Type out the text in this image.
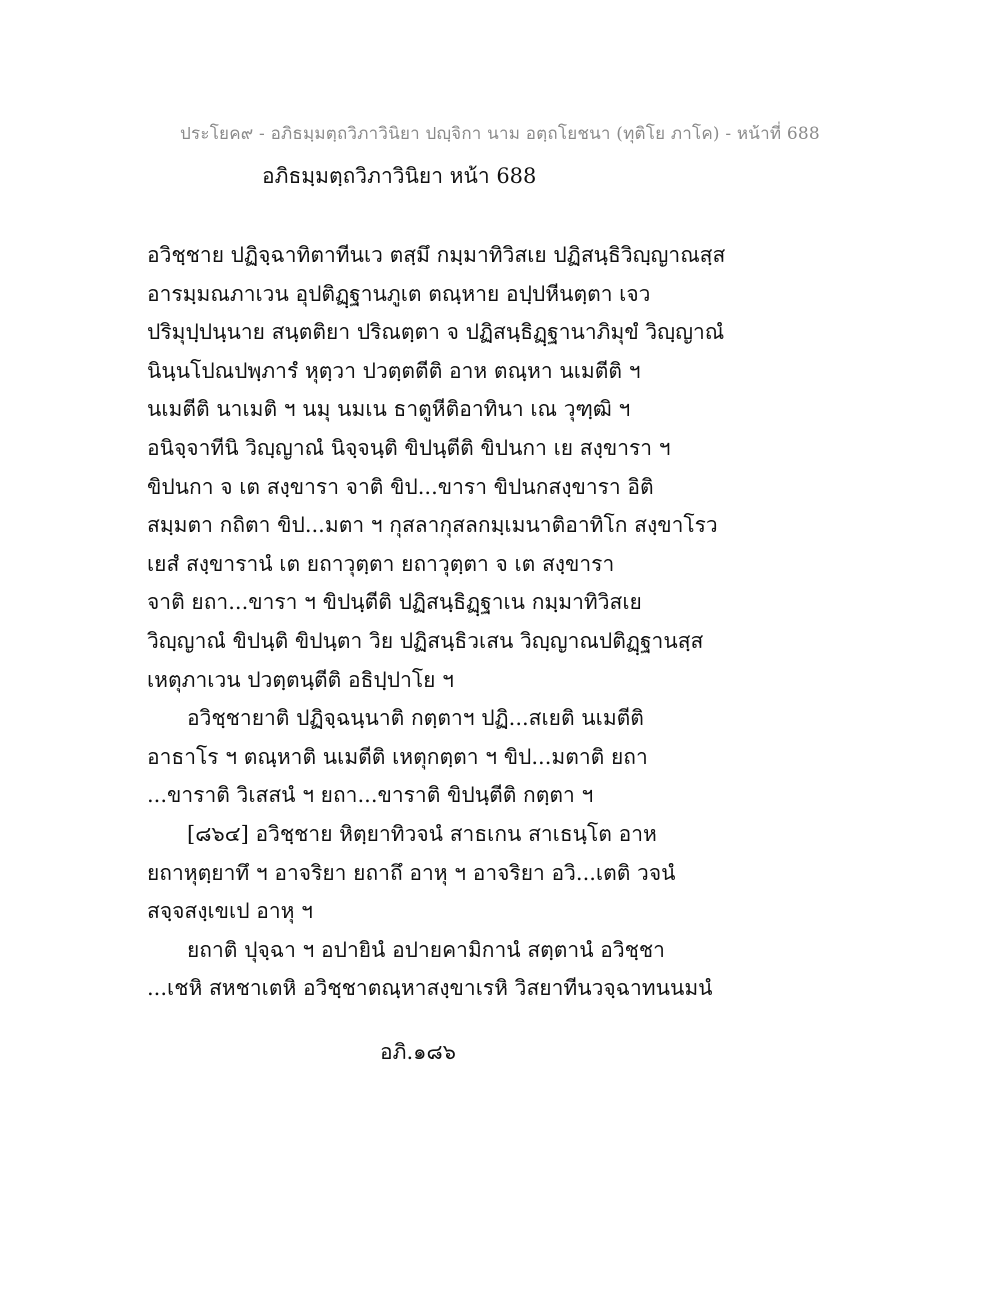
ประโยค๙ - อภิธมฺมตฺถวิภาวินิยา ปญฺจิกา นาม อตฺถโยชนา (ทุติโย ภาโค) - หน้าที่ 688
อภิธมฺมตฺถวิภาวินิยา หน้า 688
อวิชฺชาย ปฏิจฺฉาทิตาทีนเว ตสฺมึ กมฺมาทิวิสเย ปฏิสนฺธิวิญฺญาณสฺส
อารมฺมณภาเวน อุปติฏฺฐานภูเต ตณฺหาย อปฺปหีนตฺตา เจว
ปริมุปฺปนฺนาย สนฺตติยา ปริณตฺตา จ ปฏิสนฺธิฏฺฐานาภิมุขํ วิญฺญาณํ
นินฺนโปณปพฺภารํ หุตฺวา ปวตฺตตีติ อาห ตณฺหา นเมตีติ ฯ
นเมตีติ นาเมติ ฯ นมุ นมเน ธาตูหีติอาทินา เณ วุฑฺฒิ ฯ
อนิจฺจาทีนิ วิญฺญาณํ นิจฺจนฺติ ขิปนฺตีติ ขิปนกา เย สงฺขารา ฯ
ขิปนกา จ เต สงฺขารา จาติ ขิป...ขารา ขิปนกสงฺขารา อิติ
สมฺมตา กถิตา ขิป...มตา ฯ กุสลากุสลกมฺเมนาติอาทิโก สงฺขาโรว
เยสํ สงฺขารานํ เต ยถาวุตฺตา ยถาวุตฺตา จ เต สงฺขารา
จาติ ยถา...ขารา ฯ ขิปนฺตีติ ปฏิสนฺธิฏฺฐาเน กมฺมาทิวิสเย
วิญฺญาณํ ขิปนฺติ ขิปนฺตา วิย ปฏิสนฺธิวเสน วิญฺญาณปติฏฺฐานสฺส
เหตุภาเวน ปวตฺตนฺตีติ อธิปฺปาโย ฯ
อวิชฺชายาติ ปฏิจฺฉนฺนาติ กตฺตาฯ ปฏิ...สเยติ นเมตีติ
อาธาโร ฯ ตณฺหาติ นเมตีติ เหตุกตฺตา ฯ ขิป...มตาติ ยถา
...ขาราติ วิเสสนํ ฯ ยถา...ขาราติ ขิปนฺตีติ กตฺตา ฯ
[๘๖๔] อวิชฺชาย หิตฺยาทิวจนํ สาธเกน สาเธนฺโต อาห
ยถาหุตฺยาทึ ฯ อาจริยา ยถาถึ อาหุ ฯ อาจริยา อวิ...เตติ วจนํ
สจฺจสงฺเขเป อาหุ ฯ
ยถาติ ปุจฺฉา ฯ อปายินํ อปายคามิกานํ สตฺตานํ อวิชฺชา
...เชหิ สหชาเตหิ อวิชฺชาตณฺหาสงฺขาเรหิ วิสยาทีนวจฺฉาทนนมนํ
อภิ.๑๘๖
